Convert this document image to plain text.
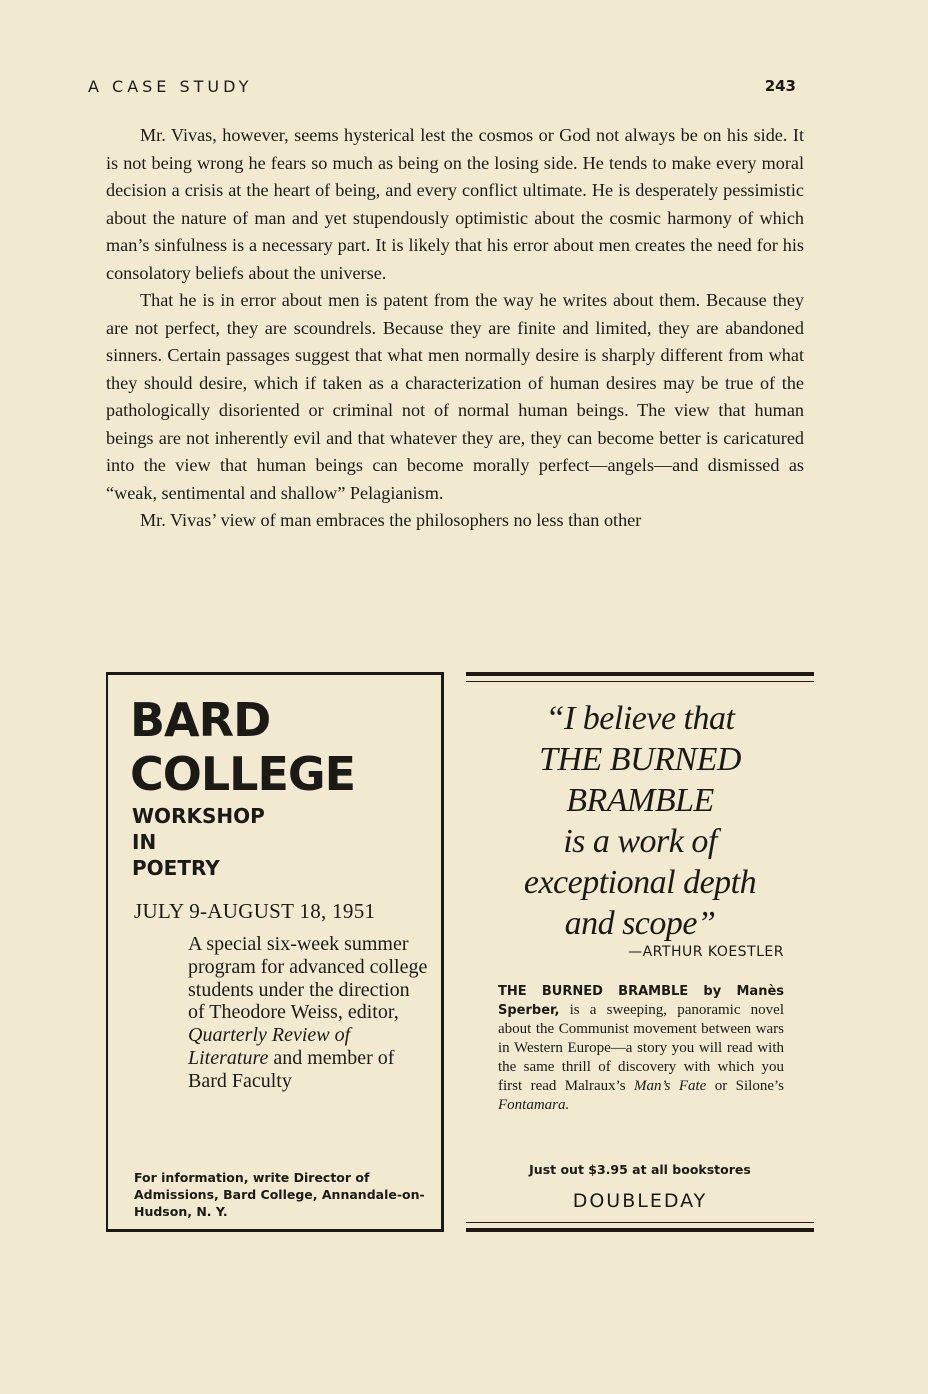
A CASE STUDY	243

Mr. Vivas, however, seems hysterical lest the cosmos or God not always be on his side. It is not being wrong he fears so much as being on the losing side. He tends to make every moral decision a crisis at the heart of being, and every conflict ultimate. He is desperately pessimistic about the nature of man and yet stupendously optimistic about the cosmic harmony of which man’s sinfulness is a necessary part. It is likely that his error about men creates the need for his consolatory beliefs about the universe.

That he is in error about men is patent from the way he writes about them. Because they are not perfect, they are scoundrels. Because they are finite and limited, they are abandoned sinners. Certain passages suggest that what men normally desire is sharply different from what they should desire, which if taken as a characterization of human desires may be true of the pathologically disoriented or criminal not of normal human beings. The view that human beings are not inherently evil and that whatever they are, they can become better is caricatured into the view that human beings can become morally perfect—angels—and dismissed as “weak, sentimental and shallow” Pelagianism.

Mr. Vivas’ view of man embraces the philosophers no less than other

BARD
COLLEGE
WORKSHOP
IN
POETRY
JULY 9-AUGUST 18, 1951
A special six-week summer program for advanced college students under the direction of Theodore Weiss, editor, Quarterly Review of Literature and member of Bard Faculty
For information, write Director of Admissions, Bard College, Annandale-on-Hudson, N. Y.
“I believe that
THE BURNED
BRAMBLE
is a work of
exceptional depth
and scope”
—ARTHUR KOESTLER
THE BURNED BRAMBLE by Manès Sperber, is a sweeping, panoramic novel about the Communist movement between wars in Western Europe—a story you will read with the same thrill of discovery with which you first read Malraux’s Man’s Fate or Silone’s Fontamara.
Just out $3.95 at all bookstores
DOUBLEDAY
